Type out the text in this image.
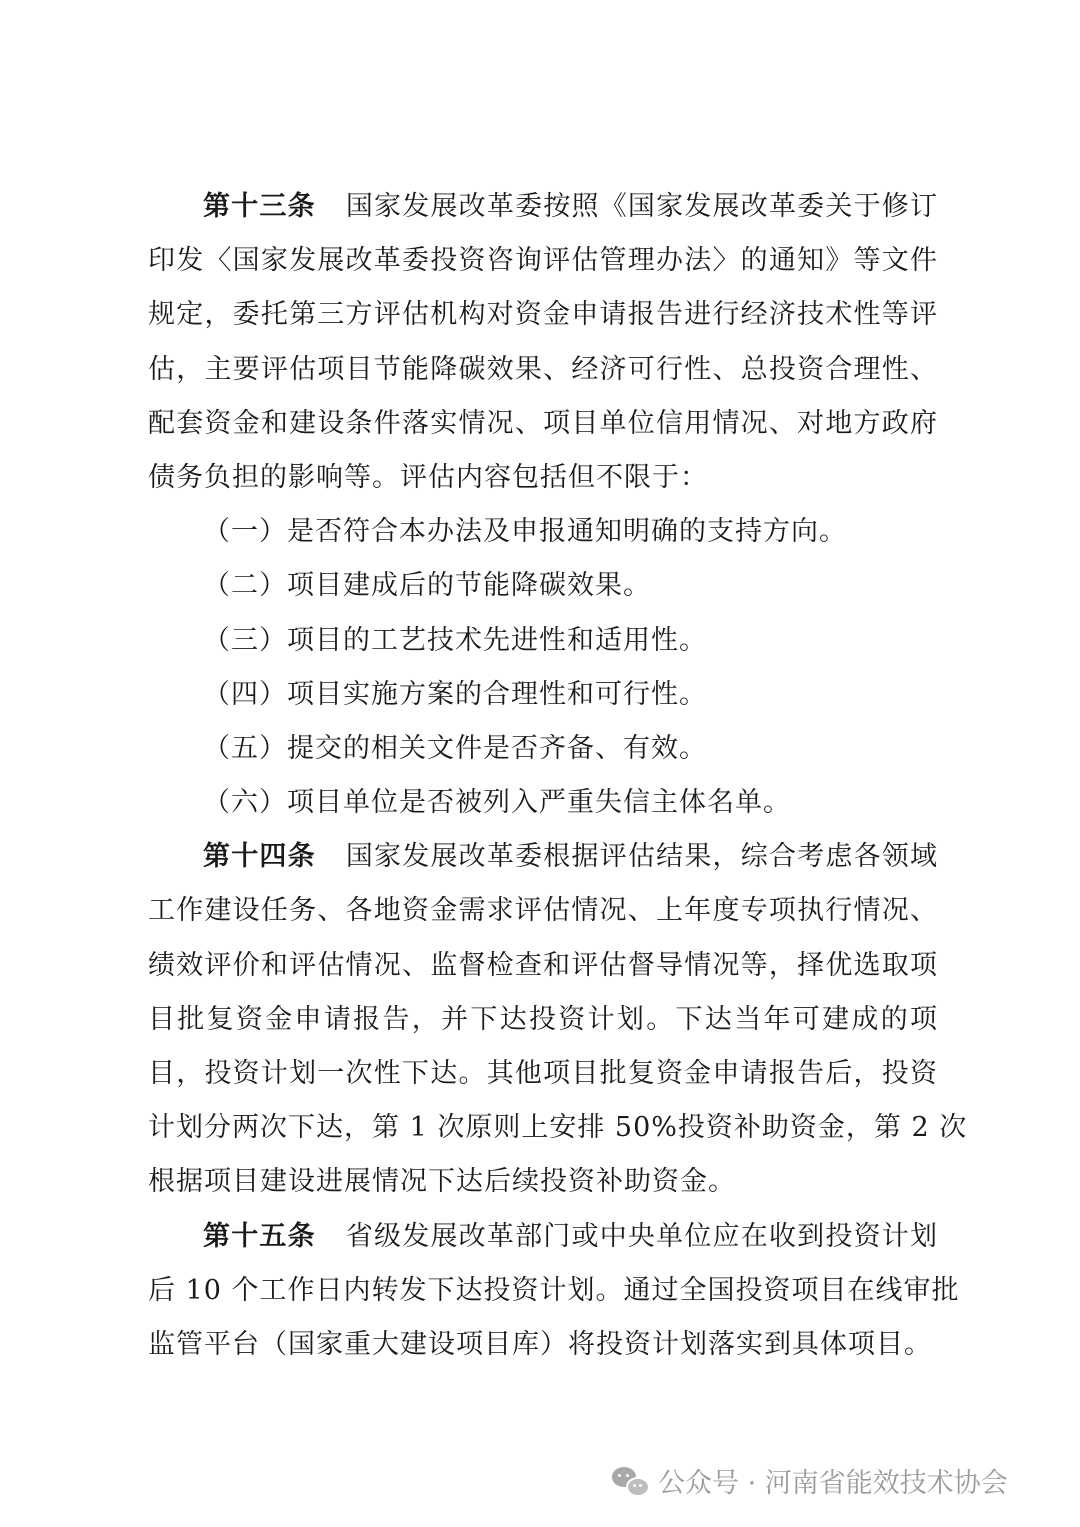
第十三条 国家发展改革委按照《国家发展改革委关于修订
印发〈国家发展改革委投资咨询评估管理办法〉的通知》等文件
规定，委托第三方评估机构对资金申请报告进行经济技术性等评
估，主要评估项目节能降碳效果、经济可行性、总投资合理性、
配套资金和建设条件落实情况、项目单位信用情况、对地方政府
债务负担的影响等。评估内容包括但不限于：
（一）是否符合本办法及申报通知明确的支持方向。
（二）项目建成后的节能降碳效果。
（三）项目的工艺技术先进性和适用性。
（四）项目实施方案的合理性和可行性。
（五）提交的相关文件是否齐备、有效。
（六）项目单位是否被列入严重失信主体名单。
第十四条 国家发展改革委根据评估结果，综合考虑各领域
工作建设任务、各地资金需求评估情况、上年度专项执行情况、
绩效评价和评估情况、监督检查和评估督导情况等，择优选取项
目批复资金申请报告，并下达投资计划。下达当年可建成的项
目，投资计划一次性下达。其他项目批复资金申请报告后，投资
计划分两次下达，第 1 次原则上安排 50%投资补助资金，第 2 次
根据项目建设进展情况下达后续投资补助资金。
第十五条 省级发展改革部门或中央单位应在收到投资计划
后 10 个工作日内转发下达投资计划。通过全国投资项目在线审批
监管平台（国家重大建设项目库）将投资计划落实到具体项目。
公众号 · 河南省能效技术协会
